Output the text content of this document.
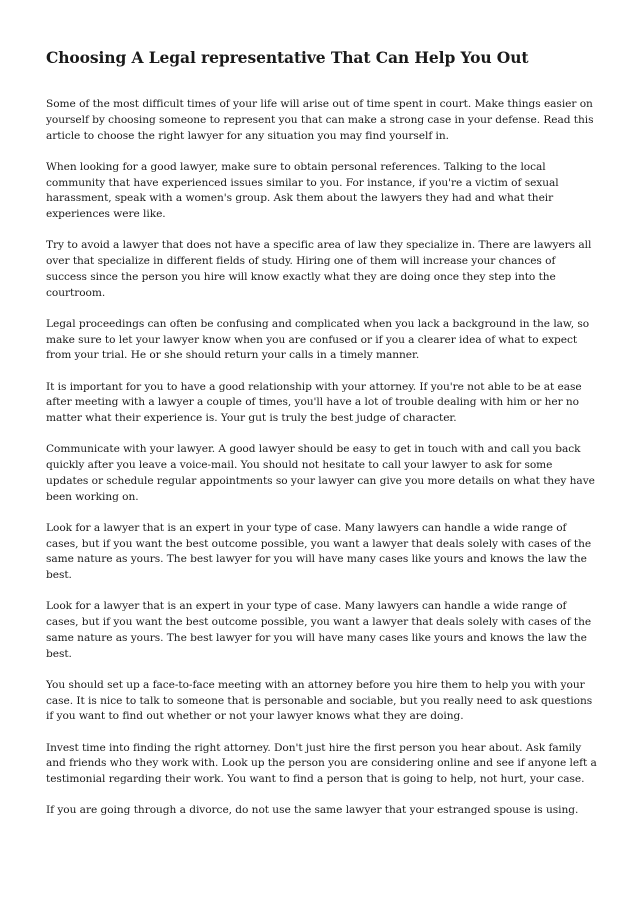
Choosing A Legal representative That Can Help You Out

Some of the most difficult times of your life will arise out of time spent in court. Make things easier on yourself by choosing someone to represent you that can make a strong case in your defense. Read this article to choose the right lawyer for any situation you may find yourself in.

When looking for a good lawyer, make sure to obtain personal references. Talking to the local community that have experienced issues similar to you. For instance, if you're a victim of sexual harassment, speak with a women's group. Ask them about the lawyers they had and what their experiences were like.

Try to avoid a lawyer that does not have a specific area of law they specialize in. There are lawyers all over that specialize in different fields of study. Hiring one of them will increase your chances of success since the person you hire will know exactly what they are doing once they step into the courtroom.

Legal proceedings can often be confusing and complicated when you lack a background in the law, so make sure to let your lawyer know when you are confused or if you a clearer idea of what to expect from your trial. He or she should return your calls in a timely manner.

It is important for you to have a good relationship with your attorney. If you're not able to be at ease after meeting with a lawyer a couple of times, you'll have a lot of trouble dealing with him or her no matter what their experience is. Your gut is truly the best judge of character.

Communicate with your lawyer. A good lawyer should be easy to get in touch with and call you back quickly after you leave a voice-mail. You should not hesitate to call your lawyer to ask for some updates or schedule regular appointments so your lawyer can give you more details on what they have been working on.

Look for a lawyer that is an expert in your type of case. Many lawyers can handle a wide range of cases, but if you want the best outcome possible, you want a lawyer that deals solely with cases of the same nature as yours. The best lawyer for you will have many cases like yours and knows the law the best.

Look for a lawyer that is an expert in your type of case. Many lawyers can handle a wide range of cases, but if you want the best outcome possible, you want a lawyer that deals solely with cases of the same nature as yours. The best lawyer for you will have many cases like yours and knows the law the best.

You should set up a face-to-face meeting with an attorney before you hire them to help you with your case. It is nice to talk to someone that is personable and sociable, but you really need to ask questions if you want to find out whether or not your lawyer knows what they are doing.

Invest time into finding the right attorney. Don't just hire the first person you hear about. Ask family and friends who they work with. Look up the person you are considering online and see if anyone left a testimonial regarding their work. You want to find a person that is going to help, not hurt, your case.

If you are going through a divorce, do not use the same lawyer that your estranged spouse is using.
